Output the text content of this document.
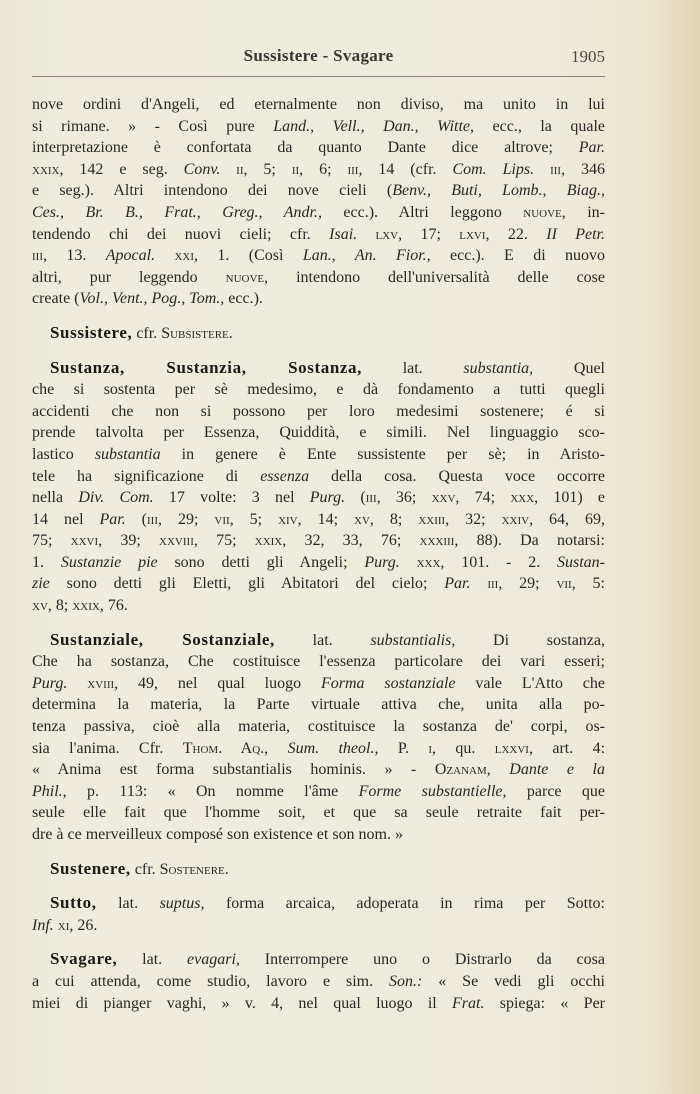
Sussistere - Svagare	1905
nove ordini d'Angeli, ed eternalmente non diviso, ma unito in lui
si rimane. » - Così pure Land., Vell., Dan., Witte, ecc., la quale
interpretazione è confortata da quanto Dante dice altrove; Par.
xxix, 142 e seg. Conv. ii, 5; ii, 6; iii, 14 (cfr. Com. Lips. iii, 346
e seg.). Altri intendono dei nove cieli (Benv., Buti, Lomb., Biag.,
Ces., Br. B., Frat., Greg., Andr., ecc.). Altri leggono nuove, in-
tendendo chi dei nuovi cieli; cfr. Isai. lxv, 17; lxvi, 22. II Petr.
iii, 13. Apocal. xxi, 1. (Così Lan., An. Fior., ecc.). E di nuovo
altri, pur leggendo nuove, intendono dell'universalità delle cose
create (Vol., Vent., Pog., Tom., ecc.).
Sussistere, cfr. Subsistere.
Sustanza, Sustanzia, Sostanza, lat. substantia, Quel
che si sostenta per sè medesimo, e dà fondamento a tutti quegli
accidenti che non si possono per loro medesimi sostenere; é si
prende talvolta per Essenza, Quiddità, e simili. Nel linguaggio sco-
lastico substantia in genere è Ente sussistente per sè; in Aristo-
tele ha significazione di essenza della cosa. Questa voce occorre
nella Div. Com. 17 volte: 3 nel Purg. (iii, 36; xxv, 74; xxx, 101) e
14 nel Par. (iii, 29; vii, 5; xiv, 14; xv, 8; xxiii, 32; xxiv, 64, 69,
75; xxvi, 39; xxviii, 75; xxix, 32, 33, 76; xxxiii, 88). Da notarsi:
1. Sustanzie pie sono detti gli Angeli; Purg. xxx, 101. - 2. Sustan-
zie sono detti gli Eletti, gli Abitatori del cielo; Par. iii, 29; vii, 5:
xv, 8; xxix, 76.
Sustanziale, Sostanziale, lat. substantialis, Di sostanza,
Che ha sostanza, Che costituisce l'essenza particolare dei vari esseri;
Purg. xviii, 49, nel qual luogo Forma sostanziale vale L'Atto che
determina la materia, la Parte virtuale attiva che, unita alla po-
tenza passiva, cioè alla materia, costituisce la sostanza de' corpi, os-
sia l'anima. Cfr. Thom. Aq., Sum. theol., P. i, qu. lxxvi, art. 4:
« Anima est forma substantialis hominis. » - Ozanam, Dante e la
Phil., p. 113: « On nomme l'âme Forme substantielle, parce que
seule elle fait que l'homme soit, et que sa seule retraite fait per-
dre à ce merveilleux composé son existence et son nom. »
Sustenere, cfr. Sostenere.
Sutto, lat. suptus, forma arcaica, adoperata in rima per Sotto:
Inf. xi, 26.
Svagare, lat. evagari, Interrompere uno o Distrarlo da cosa
a cui attenda, come studio, lavoro e sim. Son.: « Se vedi gli occhi
miei di pianger vaghi, » v. 4, nel qual luogo il Frat. spiega: « Per
